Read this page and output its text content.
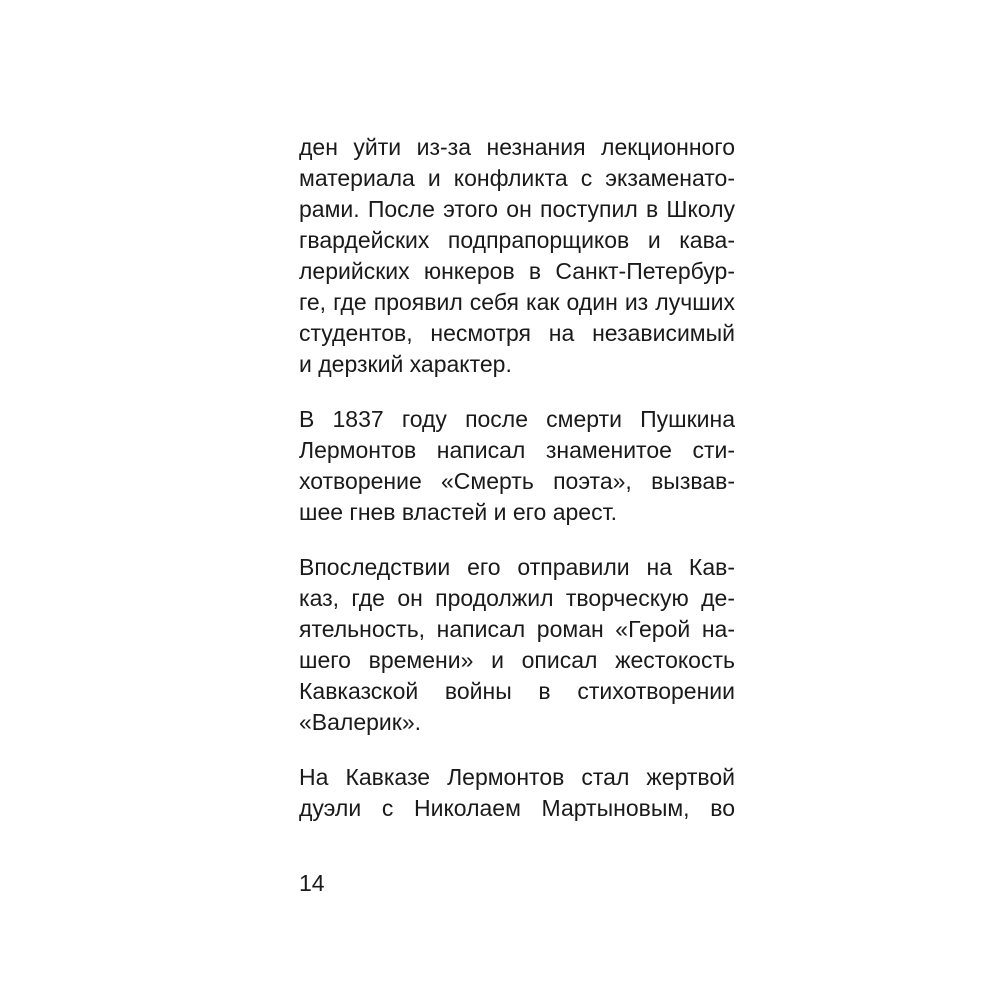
ден уйти из-за незнания лекционного
материала и конфликта с экзаменато-
рами. После этого он поступил в Школу
гвардейских подпрапорщиков и кава-
лерийских юнкеров в Санкт-Петербур-
ге, где проявил себя как один из лучших
студентов, несмотря на независимый
и дерзкий характер.

В 1837 году после смерти Пушкина
Лермонтов написал знаменитое сти-
хотворение «Смерть поэта», вызвав-
шее гнев властей и его арест.

Впоследствии его отправили на Кав-
каз, где он продолжил творческую де-
ятельность, написал роман «Герой на-
шего времени» и описал жестокость
Кавказской войны в стихотворении
«Валерик».

На Кавказе Лермонтов стал жертвой
дуэли с Николаем Мартыновым, во

14
